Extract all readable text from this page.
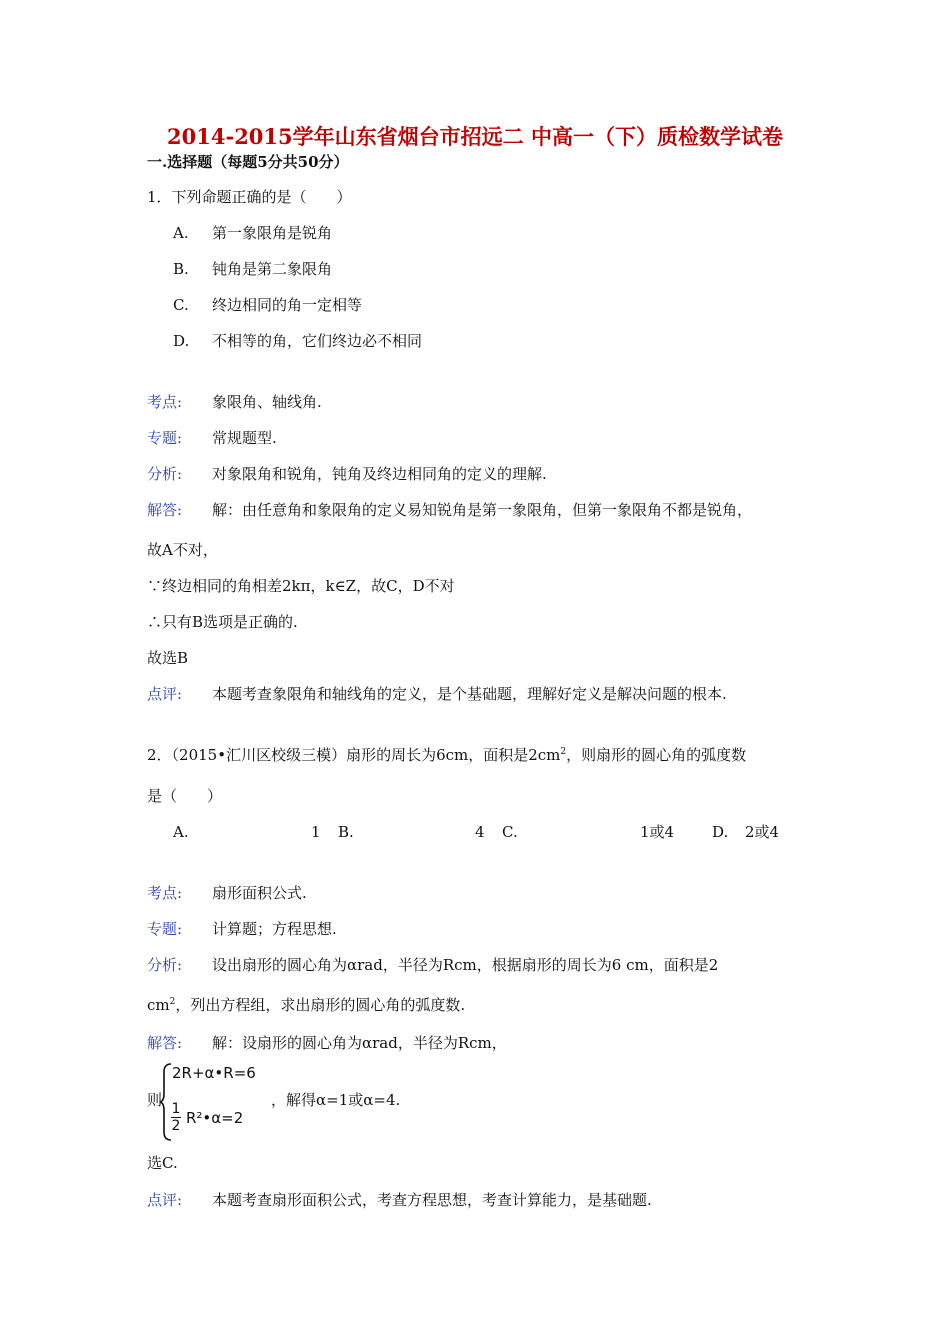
2014-2015学年山东省烟台市招远二 中高一（下）质检数学试卷
一.选择题（每题5分共50分）
1．下列命题正确的是（　　）
A. 第一象限角是锐角
B. 钝角是第二象限角
C. 终边相同的角一定相等
D. 不相等的角，它们终边必不相同
考点: 象限角、轴线角.
专题: 常规题型.
分析: 对象限角和锐角，钝角及终边相同角的定义的理解.
解答: 解：由任意角和象限角的定义易知锐角是第一象限角，但第一象限角不都是锐角，
故A不对，
∵终边相同的角相差2kπ，k∈Z，故C，D不对
∴只有B选项是正确的.
故选B
点评: 本题考查象限角和轴线角的定义，是个基础题，理解好定义是解决问题的根本.
2．（2015•汇川区校级三模）扇形的周长为6cm，面积是$2cm^2$，则扇形的圆心角的弧度数
是（　　）
A.	1 B.	4 C.	1或4	D. 2或4
考点: 扇形面积公式.
专题: 计算题；方程思想.
分析: 设出扇形的圆心角为αrad，半径为Rcm，根据扇形的周长为6 cm，面积是2
$cm^2$，列出方程组，求出扇形的圆心角的弧度数.
解答: 解：设扇形的圆心角为αrad，半径为Rcm，
则
2R+α•R=6
1
2 R²•α=2
，解得α=1或α=4.
选C.
点评: 本题考查扇形面积公式，考查方程思想，考查计算能力，是基础题.
